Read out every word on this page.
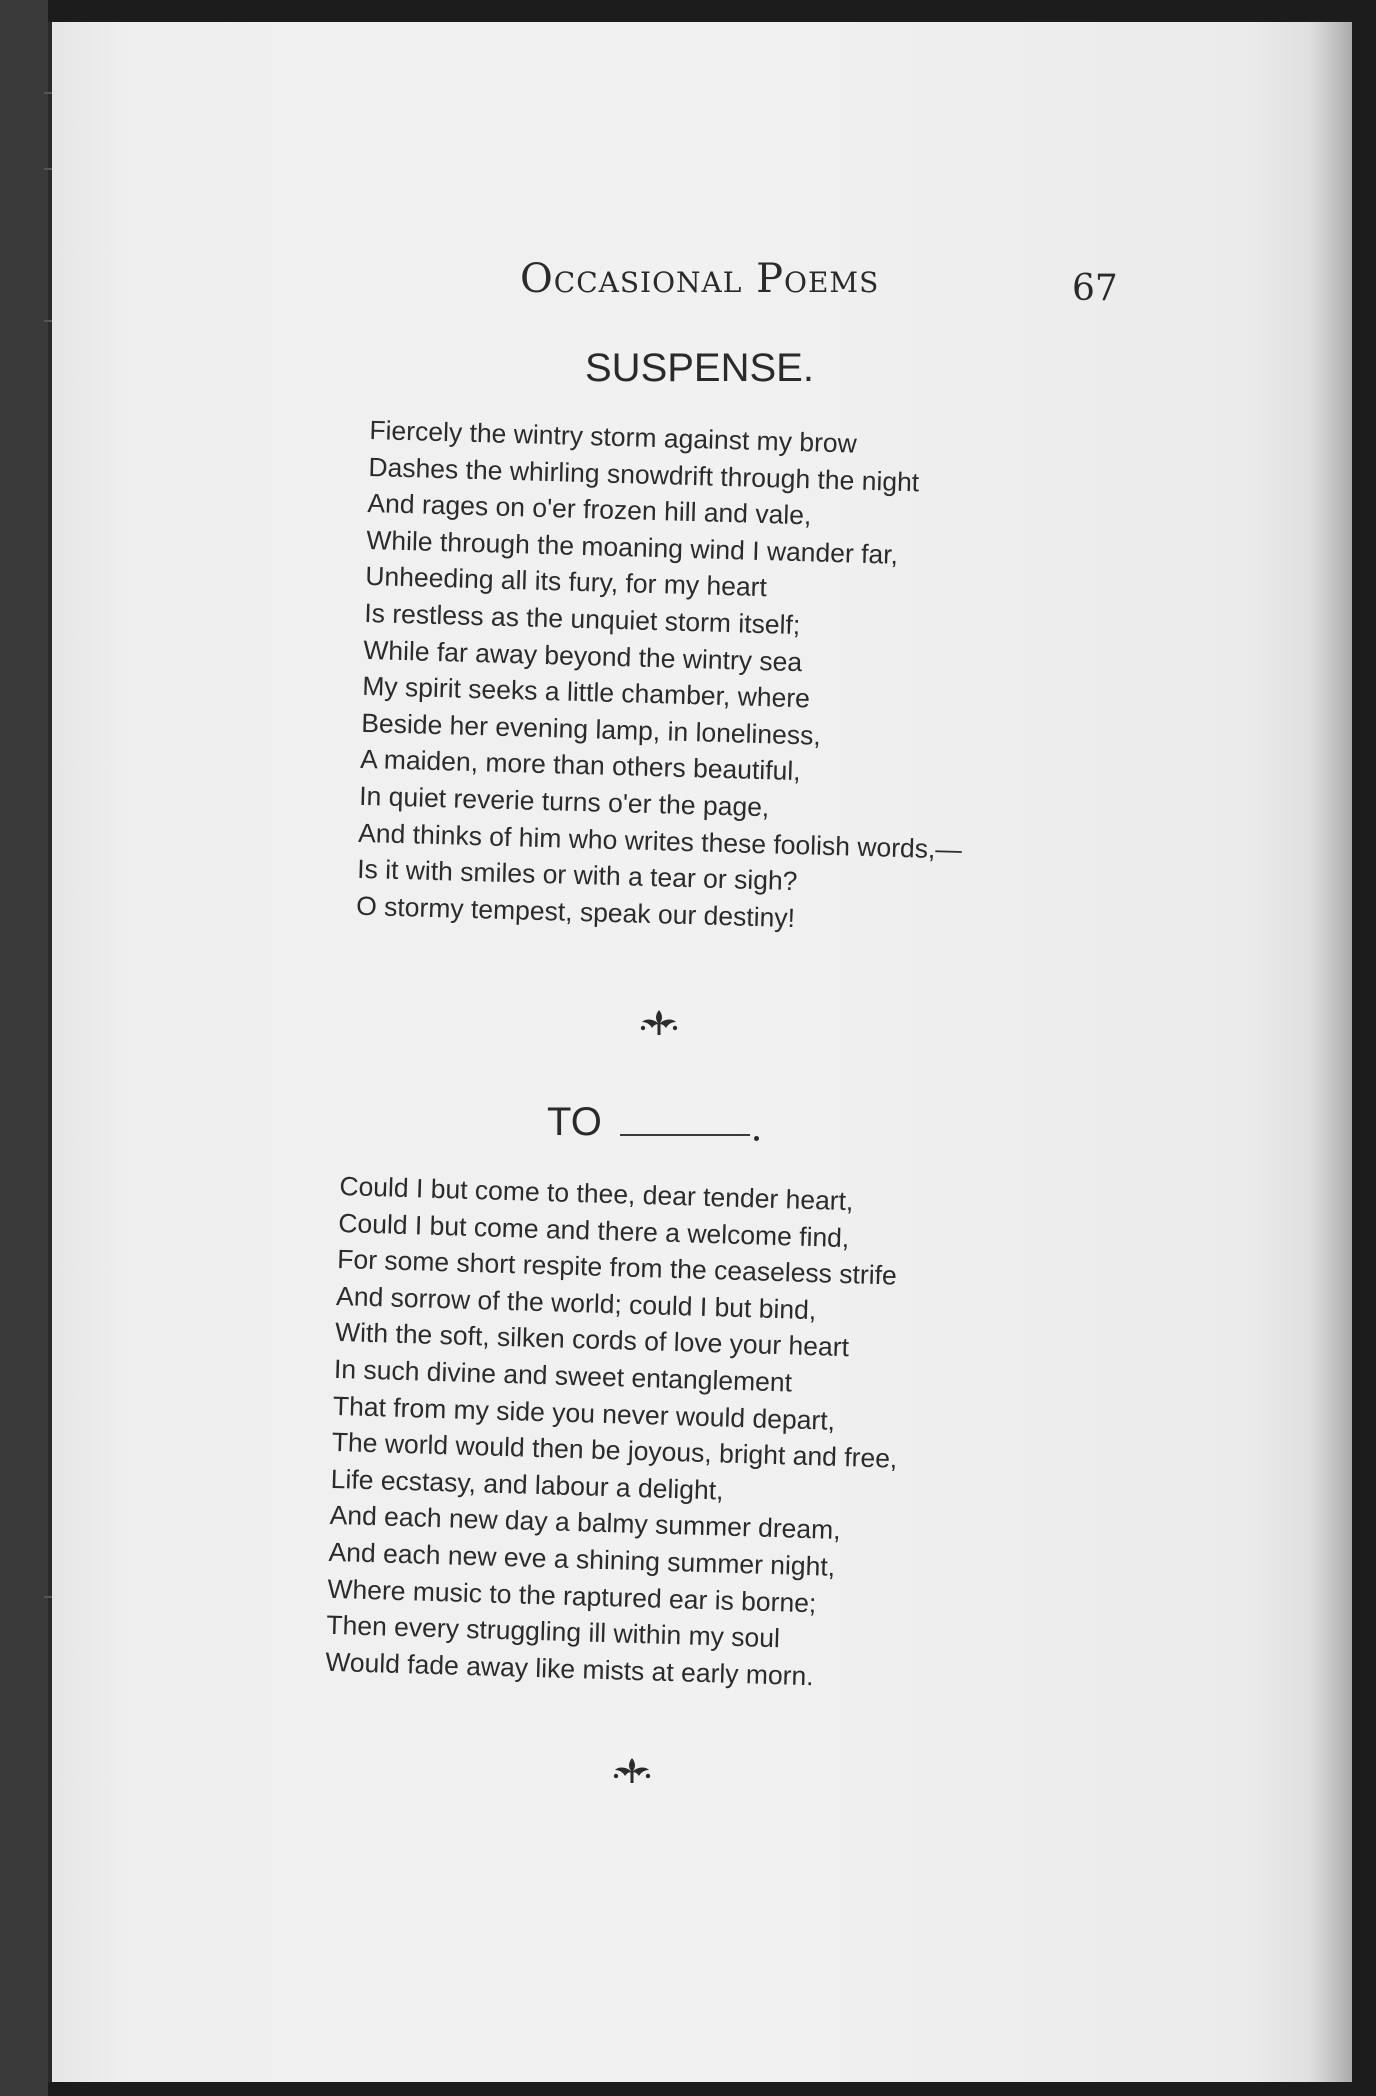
Occasional Poems	67
SUSPENSE.
Fiercely the wintry storm against my brow
Dashes the whirling snowdrift through the night
And rages on o'er frozen hill and vale,
While through the moaning wind I wander far,
Unheeding all its fury, for my heart
Is restless as the unquiet storm itself;
While far away beyond the wintry sea
My spirit seeks a little chamber, where
Beside her evening lamp, in loneliness,
A maiden, more than others beautiful,
In quiet reverie turns o'er the page,
And thinks of him who writes these foolish words,—
Is it with smiles or with a tear or sigh?
O stormy tempest, speak our destiny!
TO
Could I but come to thee, dear tender heart,
Could I but come and there a welcome find,
For some short respite from the ceaseless strife
And sorrow of the world; could I but bind,
With the soft, silken cords of love your heart
In such divine and sweet entanglement
That from my side you never would depart,
The world would then be joyous, bright and free,
Life ecstasy, and labour a delight,
And each new day a balmy summer dream,
And each new eve a shining summer night,
Where music to the raptured ear is borne;
Then every struggling ill within my soul
Would fade away like mists at early morn.
